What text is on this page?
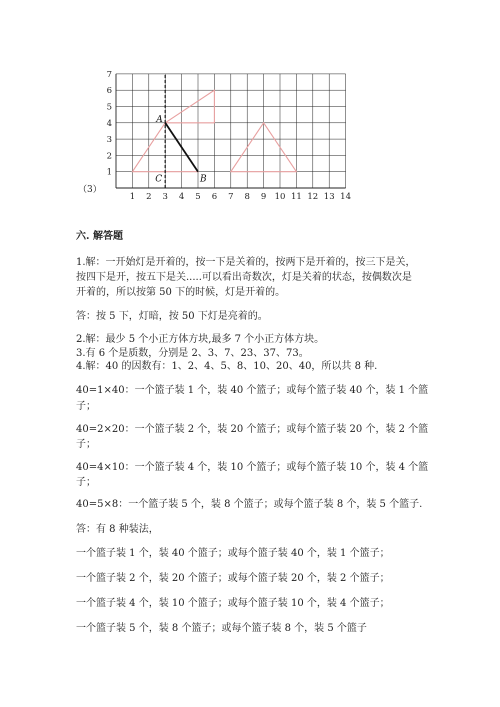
1 2 3 4 5 6 7 8 9 10 11 12 13 14
1
2
3
4
5
6
7
（3）
A
B
C
六. 解答题
1.解：一开始灯是开着的，按一下是关着的，按两下是开着的，按三下是关，
按四下是开，按五下是关.....可以看出奇数次，灯是关着的状态，按偶数次是
开着的，所以按第 50 下的时候，灯是开着的。
答：按 5 下，灯暗，按 50 下灯是亮着的。
2.解：最少 5 个小正方体方块,最多 7 个小正方体方块。
3.有 6 个是质数，分别是 2、3、7、23、37、73。
4.解：40 的因数有：1、2、4、5、8、10、20、40，所以共 8 种.
40=1×40：一个篮子装 1 个，装 40 个篮子；或每个篮子装 40 个，装 1 个篮
子；
40=2×20：一个篮子装 2 个，装 20 个篮子；或每个篮子装 20 个，装 2 个篮
子；
40=4×10：一个篮子装 4 个，装 10 个篮子；或每个篮子装 10 个，装 4 个篮
子；
40=5×8：一个篮子装 5 个，装 8 个篮子；或每个篮子装 8 个，装 5 个篮子.
答：有 8 种装法，
一个篮子装 1 个，装 40 个篮子；或每个篮子装 40 个，装 1 个篮子；
一个篮子装 2 个，装 20 个篮子；或每个篮子装 20 个，装 2 个篮子；
一个篮子装 4 个，装 10 个篮子；或每个篮子装 10 个，装 4 个篮子；
一个篮子装 5 个，装 8 个篮子；或每个篮子装 8 个，装 5 个篮子
